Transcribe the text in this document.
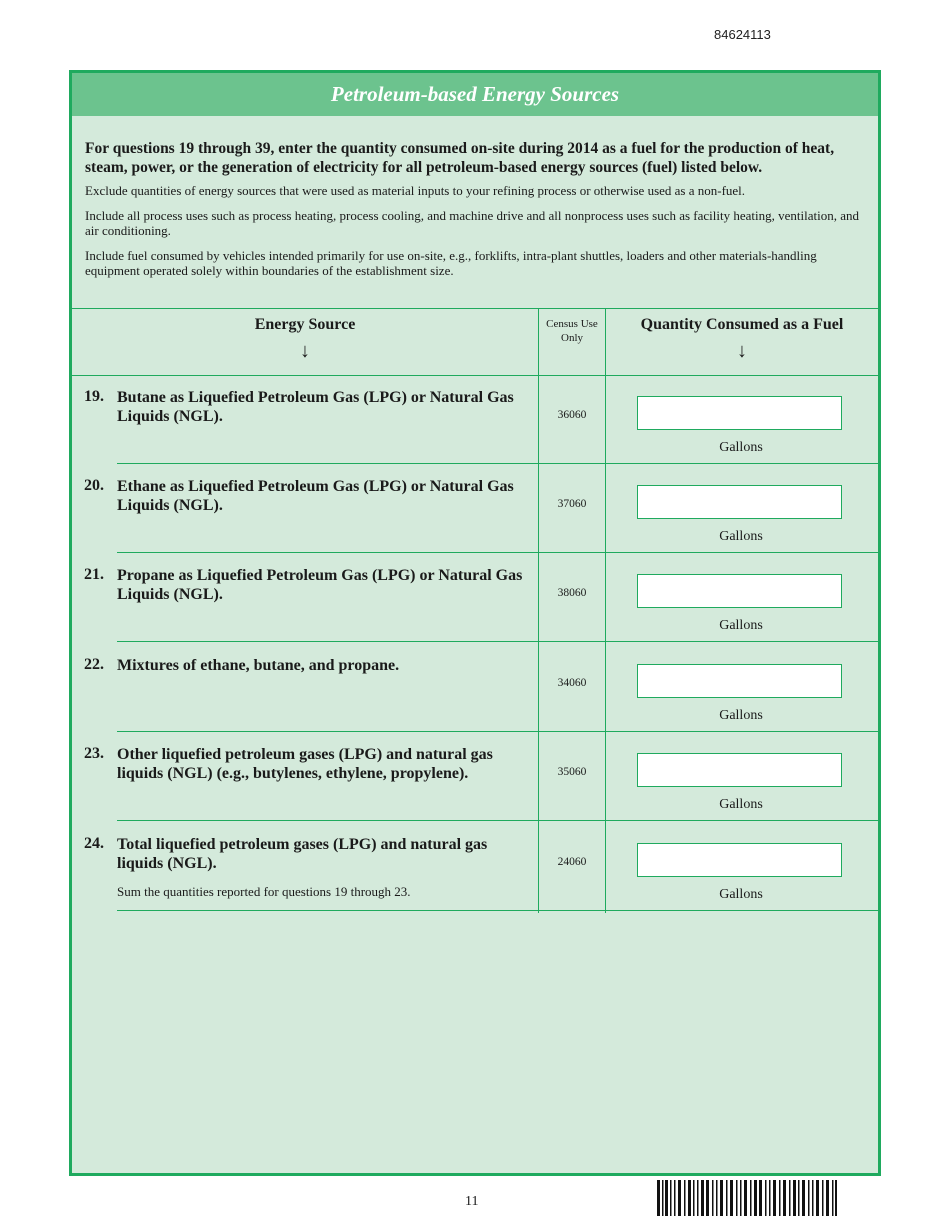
84624113
Petroleum-based Energy Sources

For questions 19 through 39, enter the quantity consumed on-site during 2014 as a fuel for the production of heat, steam, power, or the generation of electricity for all petroleum-based energy sources (fuel) listed below.

Exclude quantities of energy sources that were used as material inputs to your refining process or otherwise used as a non-fuel.

Include all process uses such as process heating, process cooling, and machine drive and all nonprocess uses such as facility heating, ventilation, and air conditioning.

Include fuel consumed by vehicles intended primarily for use on-site, e.g., forklifts, intra-plant shuttles, loaders and other materials-handling equipment operated solely within boundaries of the establishment size.

Energy Source
↓
Census Use Only
Quantity Consumed as a Fuel
↓
19. Butane as Liquefied Petroleum Gas (LPG) or Natural Gas Liquids (NGL).	36060
Gallons
20. Ethane as Liquefied Petroleum Gas (LPG) or Natural Gas Liquids (NGL).	37060
Gallons
21. Propane as Liquefied Petroleum Gas (LPG) or Natural Gas Liquids (NGL).	38060
Gallons
22. Mixtures of ethane, butane, and propane.
34060
Gallons
23. Other liquefied petroleum gases (LPG) and natural gas liquids (NGL) (e.g., butylenes, ethylene, propylene).	35060
Gallons
24. Total liquefied petroleum gases (LPG) and natural gas liquids (NGL).
Sum the quantities reported for questions 19 through 23.
24060
Gallons
11
